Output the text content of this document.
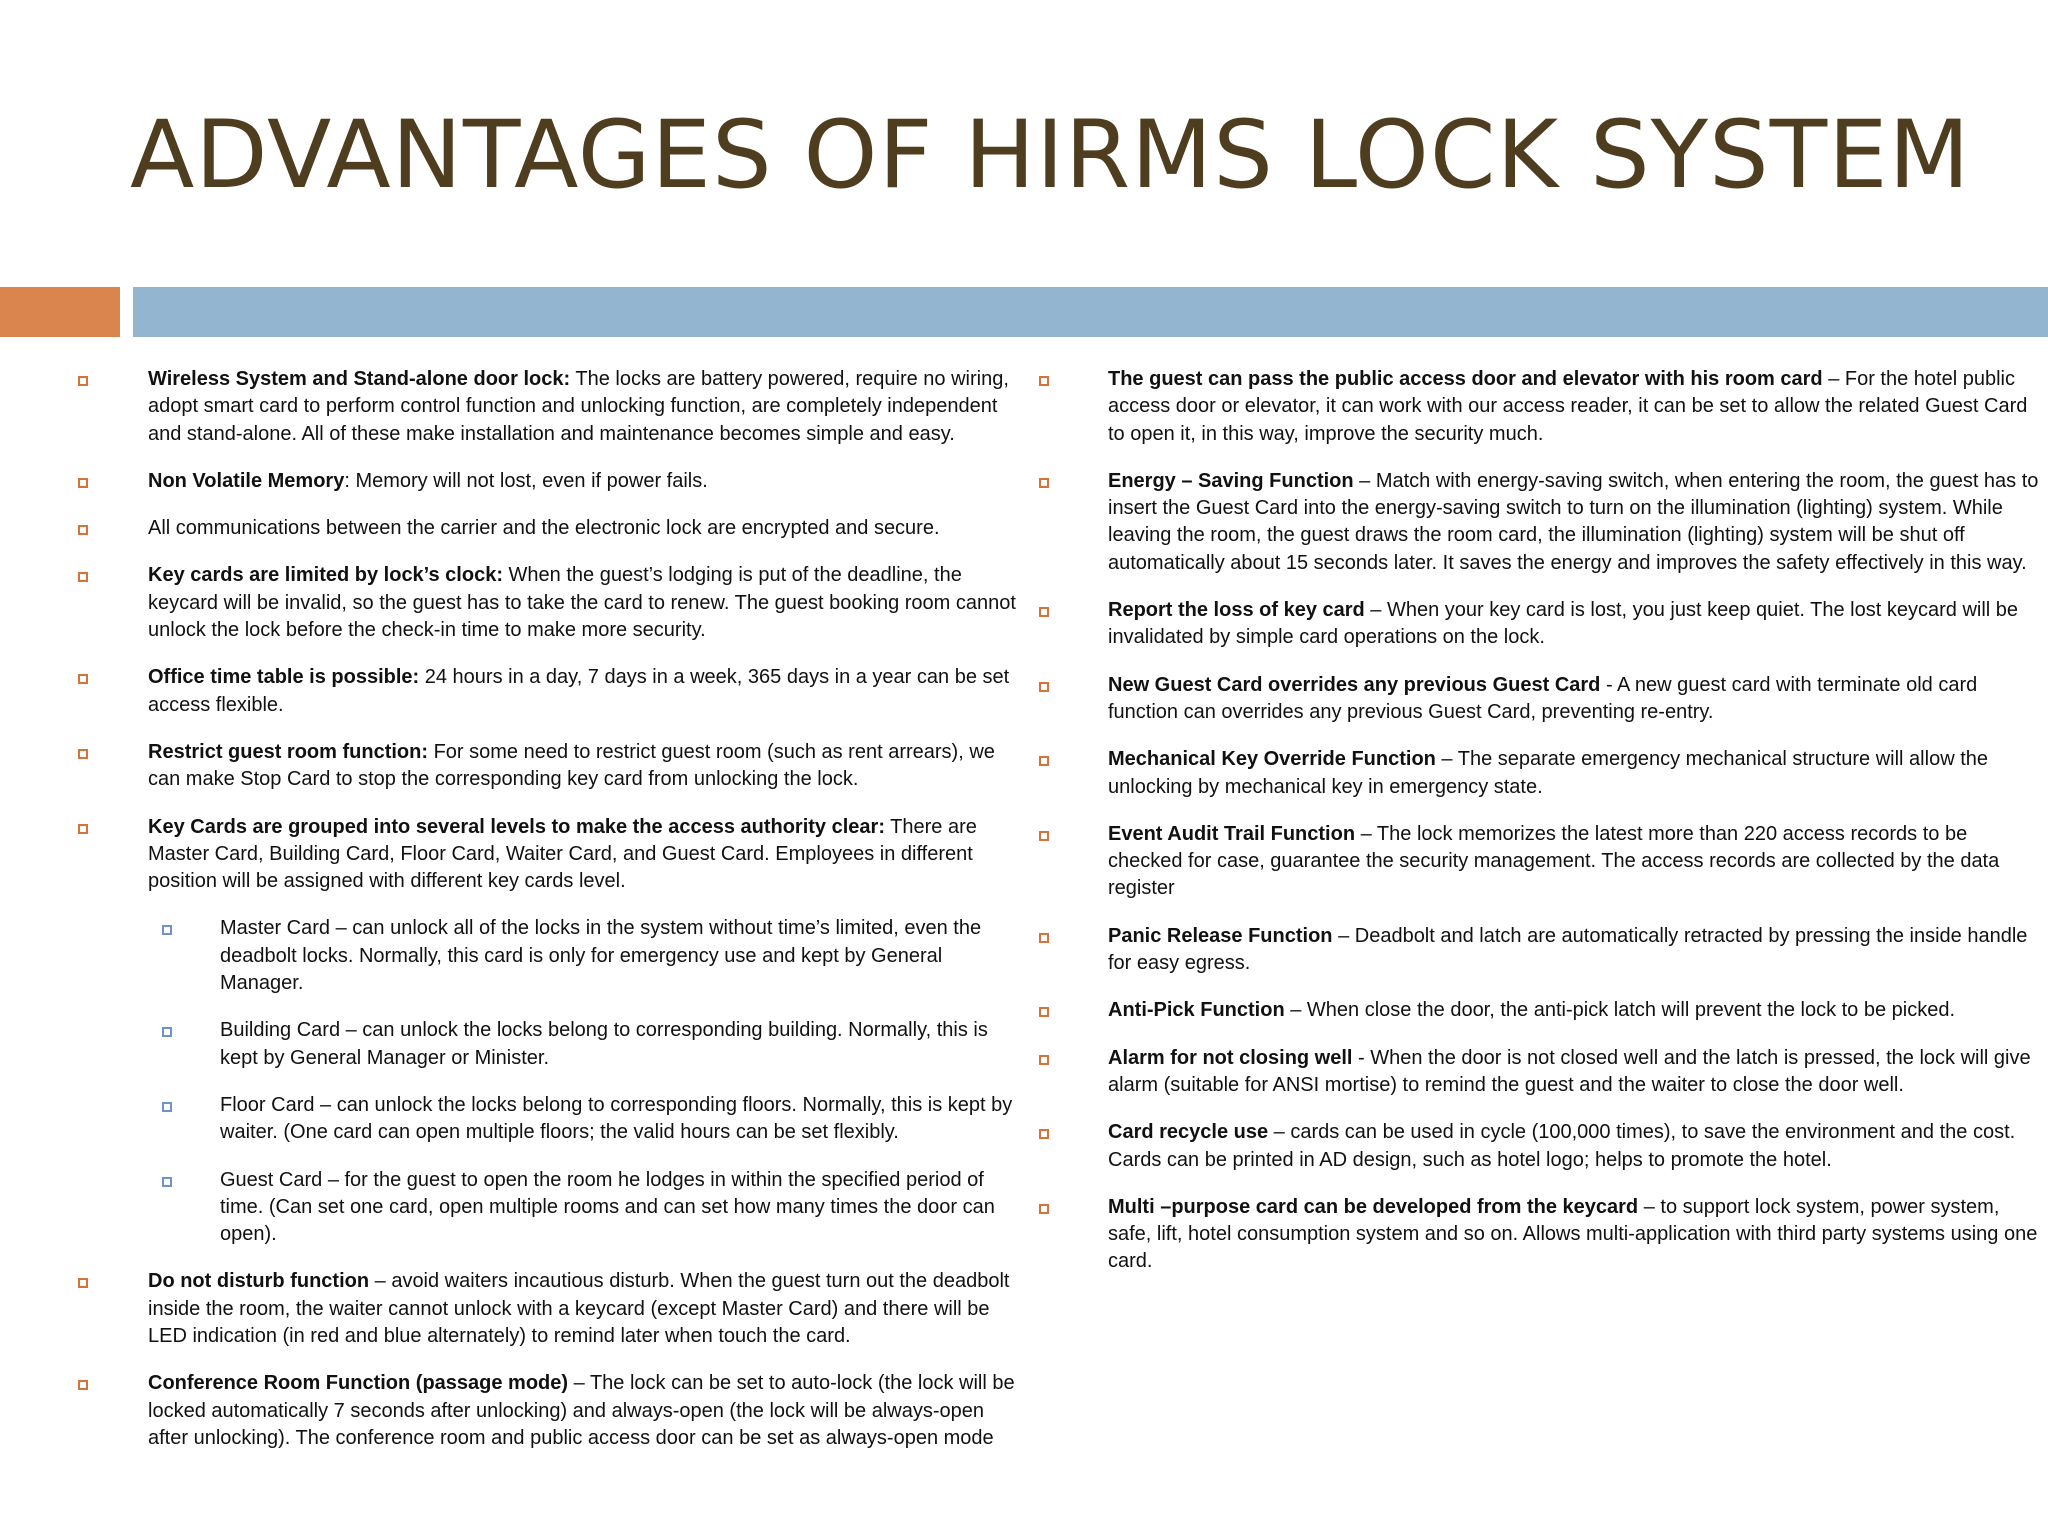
ADVANTAGES OF HIRMS LOCK SYSTEM
Wireless System and Stand-alone door lock: The locks are battery powered, require no wiring, adopt smart card to perform control function and unlocking function, are completely independent and stand-alone. All of these make installation and maintenance becomes simple and easy.
Non Volatile Memory: Memory will not lost, even if power fails.
All communications between the carrier and the electronic lock are encrypted and secure.
Key cards are limited by lock’s clock: When the guest’s lodging is put of the deadline, the keycard will be invalid, so the guest has to take the card to renew. The guest booking room cannot unlock the lock before the check-in time to make more security.
Office time table is possible: 24 hours in a day, 7 days in a week, 365 days in a year can be set access flexible.
Restrict guest room function: For some need to restrict guest room (such as rent arrears), we can make Stop Card to stop the corresponding key card from unlocking the lock.
Key Cards are grouped into several levels to make the access authority clear: There are Master Card, Building Card, Floor Card, Waiter Card, and Guest Card. Employees in different position will be assigned with different key cards level.
Master Card – can unlock all of the locks in the system without time’s limited, even the deadbolt locks. Normally, this card is only for emergency use and kept by General Manager.
Building Card – can unlock the locks belong to corresponding building. Normally, this is kept by General Manager or Minister.
Floor Card – can unlock the locks belong to corresponding floors. Normally, this is kept by waiter. (One card can open multiple floors; the valid hours can be set flexibly.
Guest Card – for the guest to open the room he lodges in within the specified period of time. (Can set one card, open multiple rooms and can set how many times the door can open).
Do not disturb function – avoid waiters incautious disturb. When the guest turn out the deadbolt inside the room, the waiter cannot unlock with a keycard (except Master Card) and there will be LED indication (in red and blue alternately) to remind later when touch the card.
Conference Room Function (passage mode) – The lock can be set to auto-lock (the lock will be locked automatically 7 seconds after unlocking) and always-open (the lock will be always-open after unlocking). The conference room and public access door can be set as always-open mode
The guest can pass the public access door and elevator with his room card – For the hotel public access door or elevator, it can work with our access reader, it can be set to allow the related Guest Card to open it, in this way, improve the security much.
Energy – Saving Function – Match with energy-saving switch, when entering the room, the guest has to insert the Guest Card into the energy-saving switch to turn on the illumination (lighting) system. While leaving the room, the guest draws the room card, the illumination (lighting) system will be shut off automatically about 15 seconds later. It saves the energy and improves the safety effectively in this way.
Report the loss of key card – When your key card is lost, you just keep quiet. The lost keycard will be invalidated by simple card operations on the lock.
New Guest Card overrides any previous Guest Card - A new guest card with terminate old card function can overrides any previous Guest Card, preventing re-entry.
Mechanical Key Override Function – The separate emergency mechanical structure will allow the unlocking by mechanical key in emergency state.
Event Audit Trail Function – The lock memorizes the latest more than 220 access records to be checked for case, guarantee the security management. The access records are collected by the data register
Panic Release Function – Deadbolt and latch are automatically retracted by pressing the inside handle for easy egress.
Anti-Pick Function – When close the door, the anti-pick latch will prevent the lock to be picked.
Alarm for not closing well - When the door is not closed well and the latch is pressed, the lock will give alarm (suitable for ANSI mortise) to remind the guest and the waiter to close the door well.
Card recycle use – cards can be used in cycle (100,000 times), to save the environment and the cost. Cards can be printed in AD design, such as hotel logo; helps to promote the hotel.
Multi –purpose card can be developed from the keycard – to support lock system, power system, safe, lift, hotel consumption system and so on. Allows multi-application with third party systems using one card.
